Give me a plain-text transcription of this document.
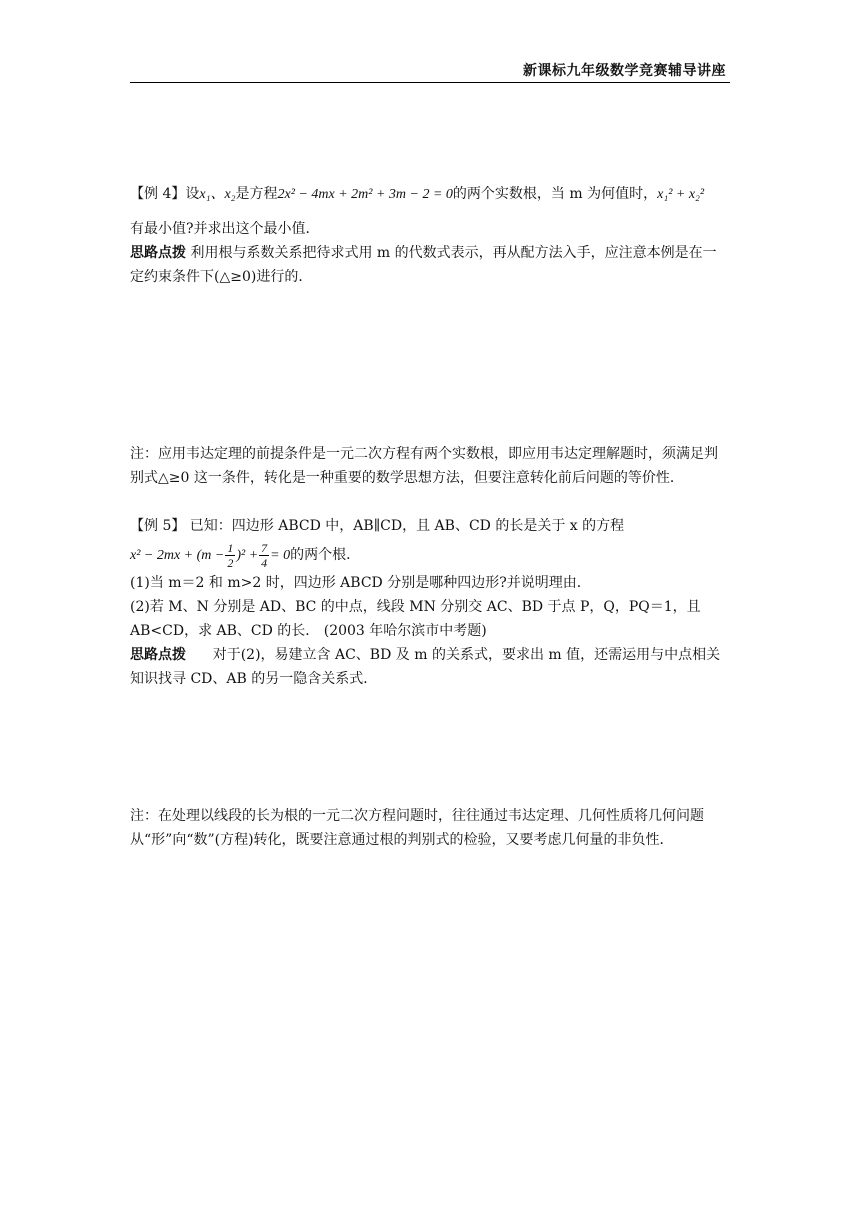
新课标九年级数学竞赛辅导讲座

【例 4】设x₁、x₂是方程2x² − 4mx + 2m² + 3m − 2 = 0的两个实数根，当 m 为何值时，x₁² + x₂²

有最小值?并求出这个最小值．

思路点拨 利用根与系数关系把待求式用 m 的代数式表示，再从配方法入手，应注意本例是在一定约束条件下(△≥0)进行的．

注：应用韦达定理的前提条件是一元二次方程有两个实数根，即应用韦达定理解题时，须满足判别式△≥0 这一条件，转化是一种重要的数学思想方法，但要注意转化前后问题的等价性．

【例 5】 已知：四边形 ABCD 中，AB∥CD，且 AB、CD 的长是关于 x 的方程

$x^2 - 2mx + (m - \frac{1}{2} )^2 + \frac{7}{4} = 0$的两个根．

(1)当 m＝2 和 m>2 时，四边形 ABCD 分别是哪种四边形?并说明理由．

(2)若 M、N 分别是 AD、BC 的中点，线段 MN 分别交 AC、BD 于点 P，Q，PQ＝1，且 AB<CD，求 AB、CD 的长． (2003 年哈尔滨市中考题)

思路点拨      对于(2)，易建立含 AC、BD 及 m 的关系式，要求出 m 值，还需运用与中点相关知识找寻 CD、AB 的另一隐含关系式．

注：在处理以线段的长为根的一元二次方程问题时，往往通过韦达定理、几何性质将几何问题从“形”向“数”(方程)转化，既要注意通过根的判别式的检验，又要考虑几何量的非负性．
